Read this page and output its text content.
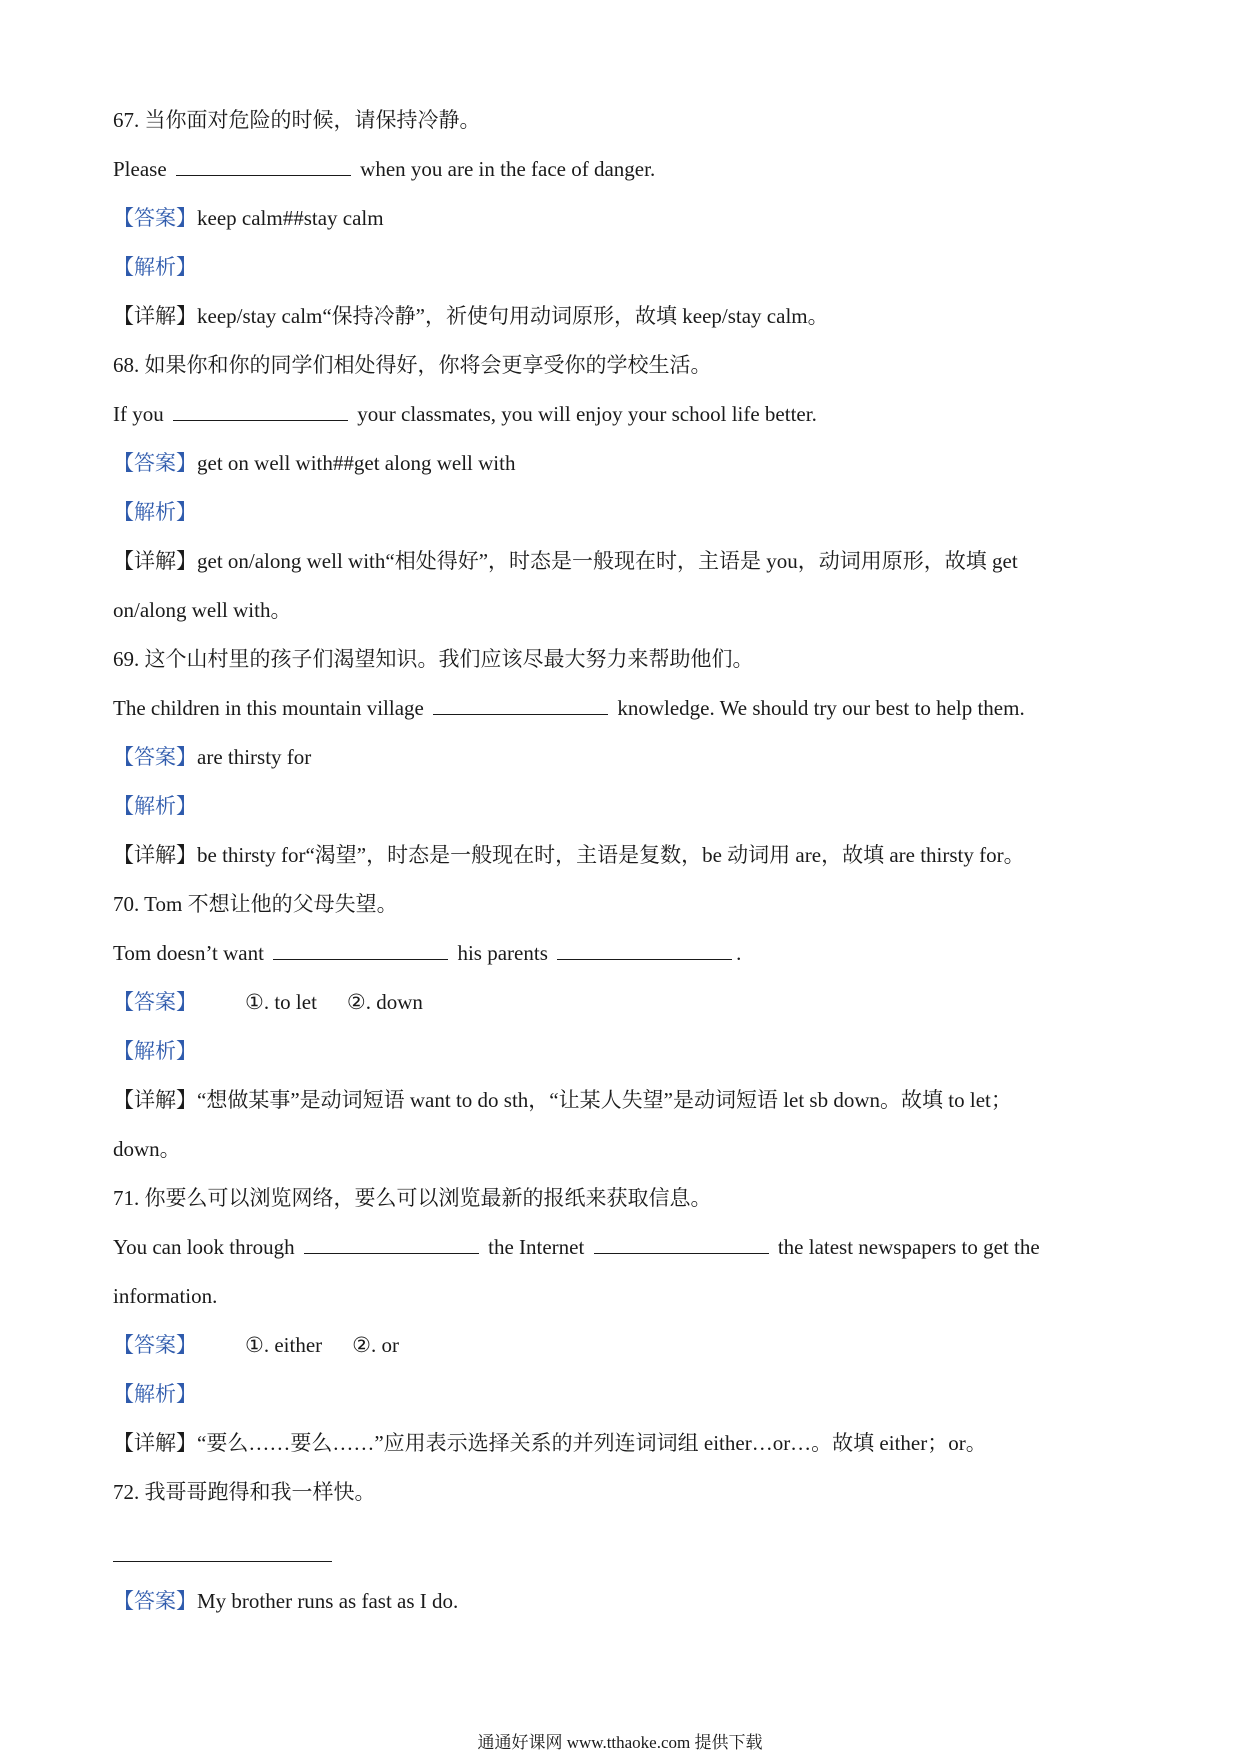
67. 当你面对危险的时候，请保持冷静。
Please	when you are in the face of danger.
【答案】keep calm##stay calm
【解析】
【详解】keep/stay calm“保持冷静”，祈使句用动词原形，故填 keep/stay calm。
68. 如果你和你的同学们相处得好，你将会更享受你的学校生活。
If you	your classmates, you will enjoy your school life better.
【答案】get on well with##get along well with
【解析】
【详解】get on/along well with“相处得好”，时态是一般现在时，主语是 you，动词用原形，故填 get
on/along well with。
69. 这个山村里的孩子们渴望知识。我们应该尽最大努力来帮助他们。
The children in this mountain village	knowledge. We should try our best to help them.
【答案】are thirsty for
【解析】
【详解】be thirsty for“渴望”，时态是一般现在时，主语是复数，be 动词用 are，故填 are thirsty for。
70. Tom 不想让他的父母失望。
Tom doesn’t want	his parents	.
【答案】 ①. to let ②. down
【解析】
【详解】“想做某事”是动词短语 want to do sth，“让某人失望”是动词短语 let sb down。故填 to let；
down。
71. 你要么可以浏览网络，要么可以浏览最新的报纸来获取信息。
You can look through	the Internet	the latest newspapers to get the
information.
【答案】 ①. either ②. or
【解析】
【详解】“要么……要么……”应用表示选择关系的并列连词词组 either…or…。故填 either；or。
72. 我哥哥跑得和我一样快。
【答案】My brother runs as fast as I do.
通通好课网 www.tthaoke.com 提供下载
